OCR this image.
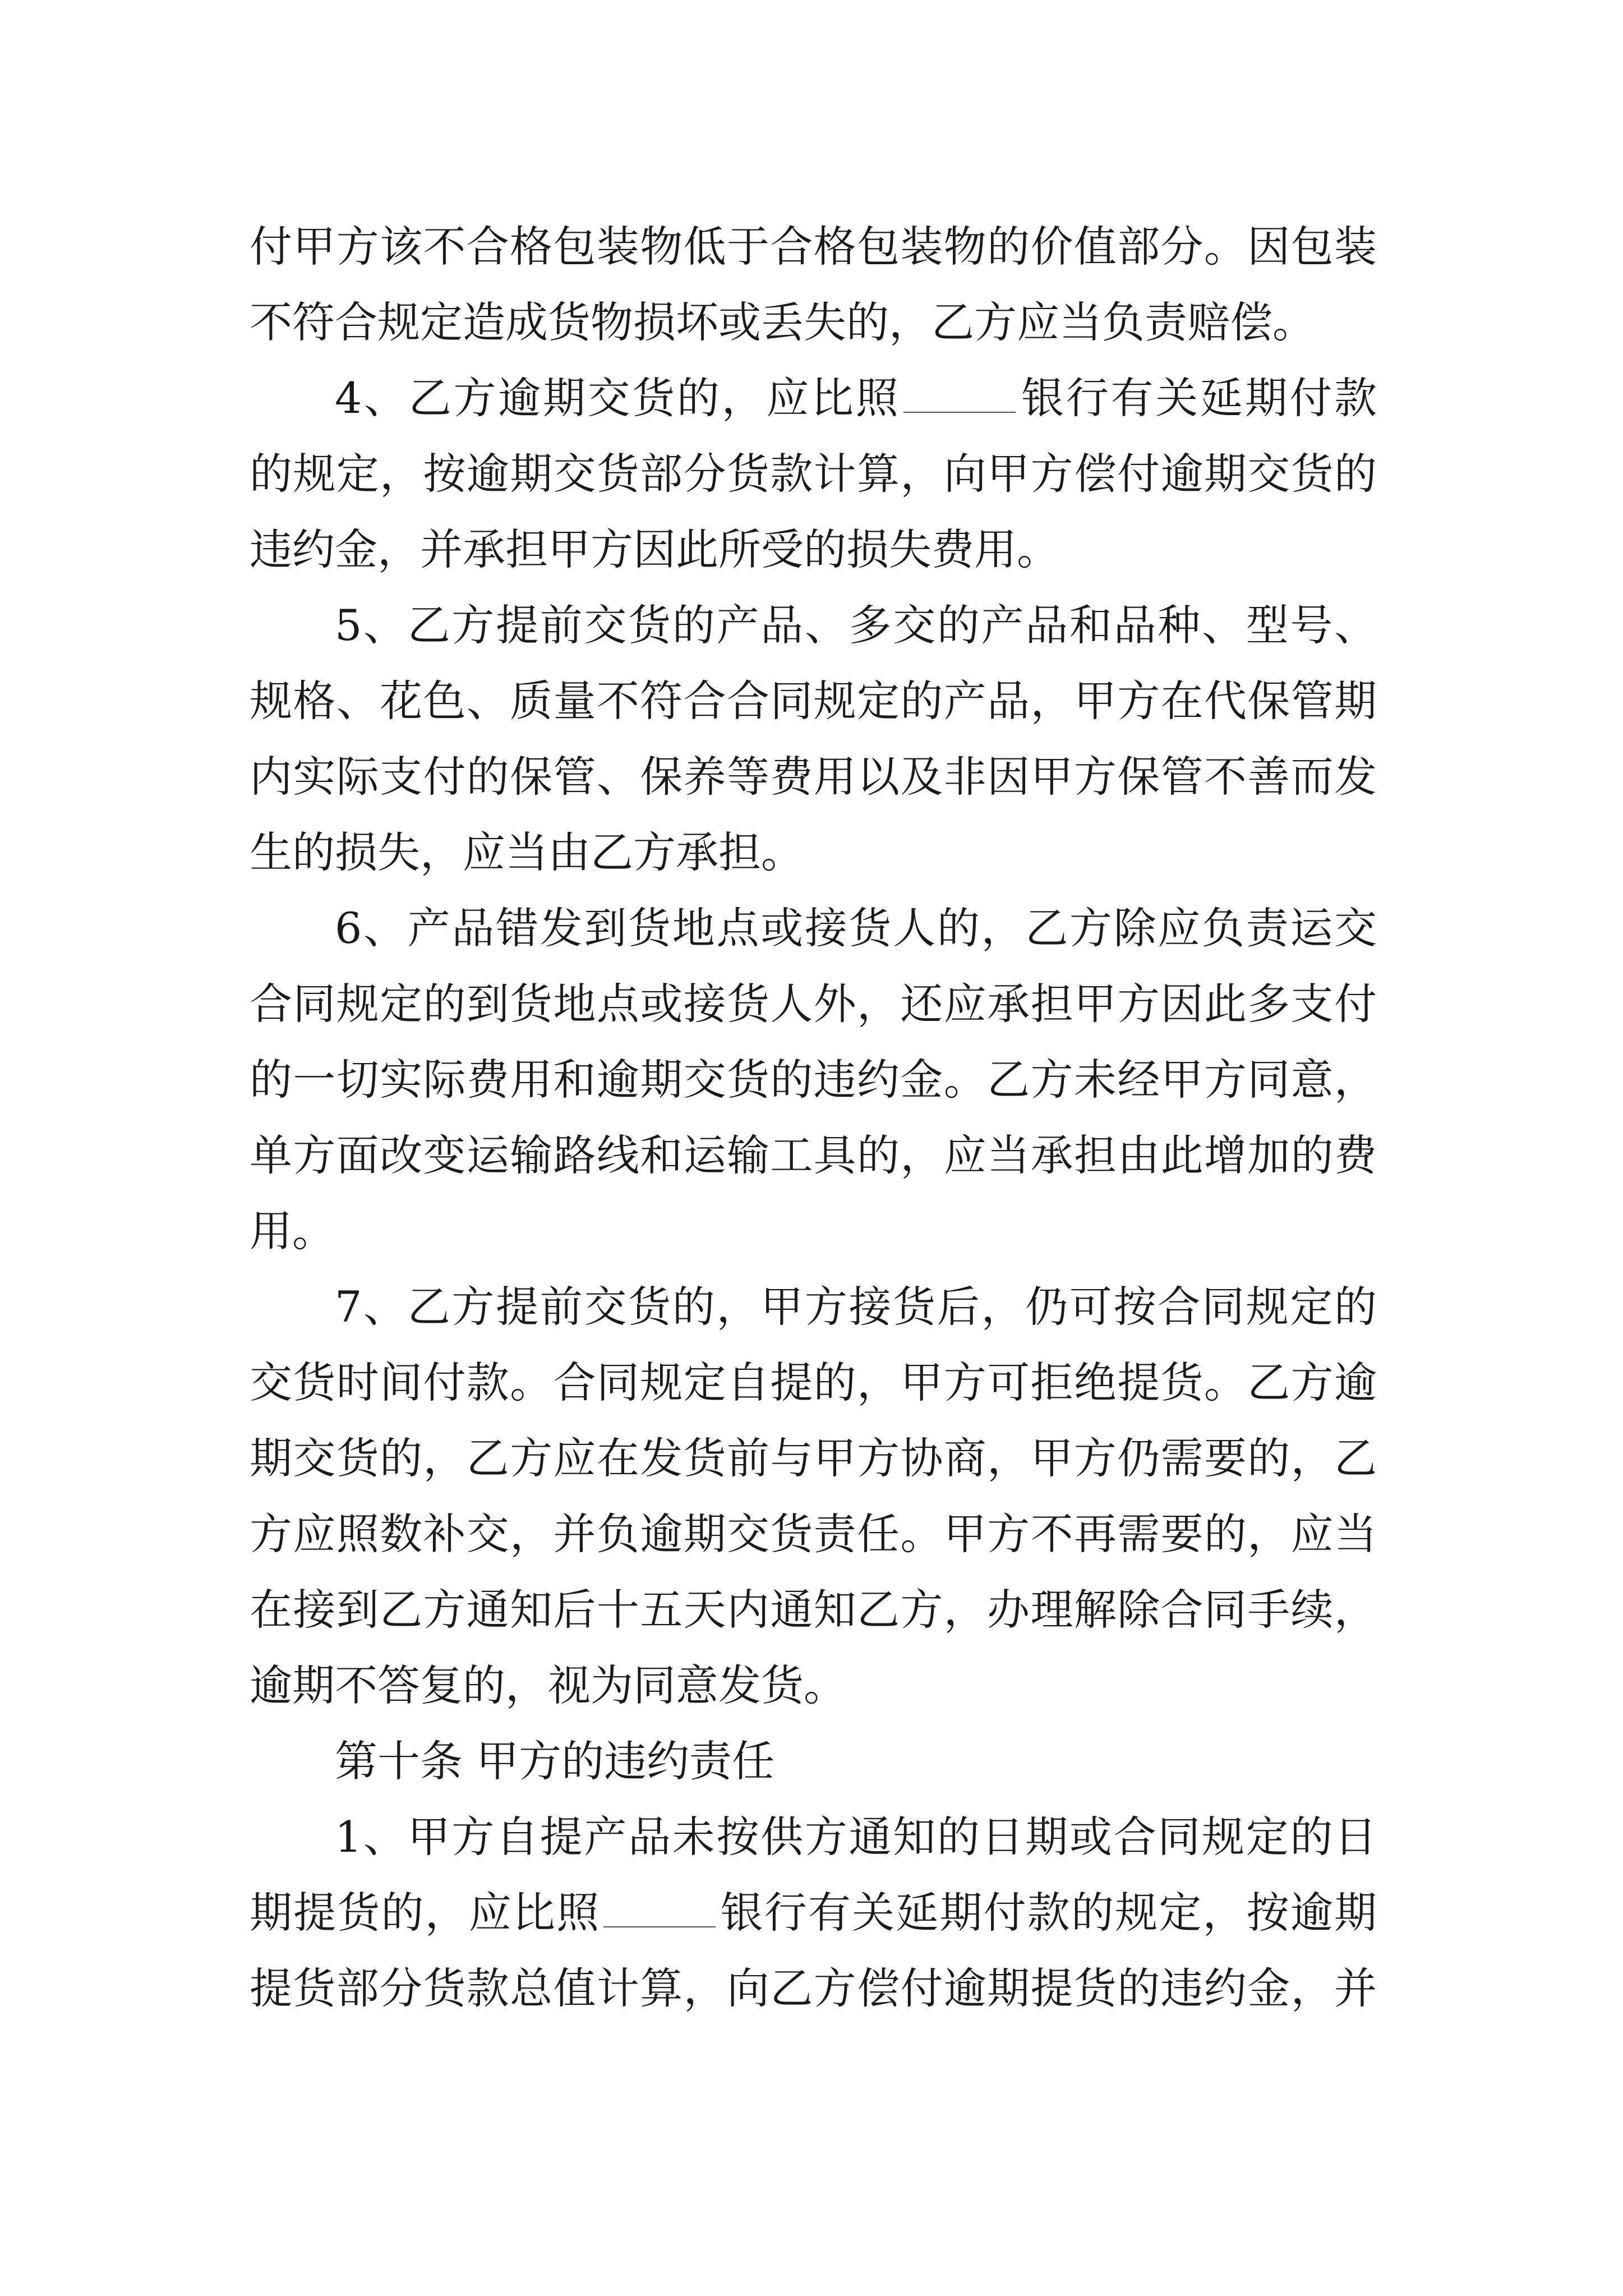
付甲方该不合格包装物低于合格包装物的价值部分。因包装
不符合规定造成货物损坏或丢失的，乙方应当负责赔偿。
4、乙方逾期交货的，应比照	银行有关延期付款
的规定，按逾期交货部分货款计算，向甲方偿付逾期交货的
违约金，并承担甲方因此所受的损失费用。
5、乙方提前交货的产品、多交的产品和品种、型号、
规格、花色、质量不符合合同规定的产品，甲方在代保管期
内实际支付的保管、保养等费用以及非因甲方保管不善而发
生的损失，应当由乙方承担。
6、产品错发到货地点或接货人的，乙方除应负责运交
合同规定的到货地点或接货人外，还应承担甲方因此多支付
的一切实际费用和逾期交货的违约金。乙方未经甲方同意，
单方面改变运输路线和运输工具的，应当承担由此增加的费
用。
7、乙方提前交货的，甲方接货后，仍可按合同规定的
交货时间付款。合同规定自提的，甲方可拒绝提货。乙方逾
期交货的，乙方应在发货前与甲方协商，甲方仍需要的，乙
方应照数补交，并负逾期交货责任。甲方不再需要的，应当
在接到乙方通知后十五天内通知乙方，办理解除合同手续，
逾期不答复的，视为同意发货。
第十条 甲方的违约责任
1、甲方自提产品未按供方通知的日期或合同规定的日
期提货的，应比照	银行有关延期付款的规定，按逾期
提货部分货款总值计算，向乙方偿付逾期提货的违约金，并
